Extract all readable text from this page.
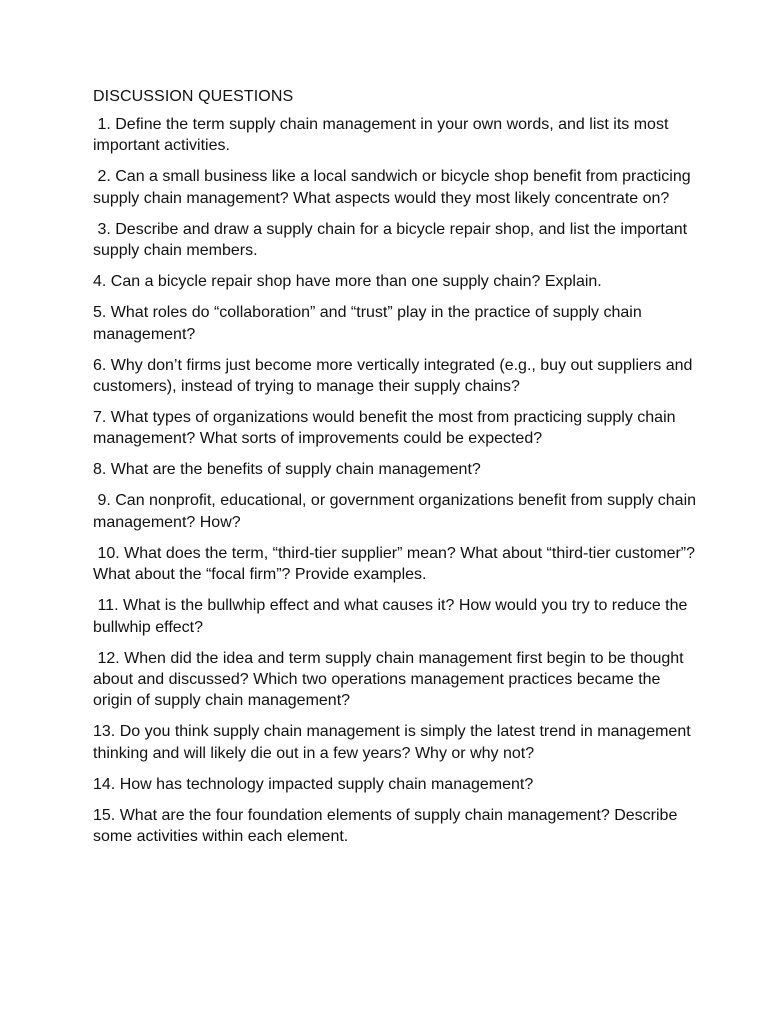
DISCUSSION QUESTIONS

1. Define the term supply chain management in your own words, and list its most important activities.

2. Can a small business like a local sandwich or bicycle shop benefit from practicing supply chain management? What aspects would they most likely concentrate on?

3. Describe and draw a supply chain for a bicycle repair shop, and list the important supply chain members.

4. Can a bicycle repair shop have more than one supply chain? Explain.

5. What roles do “collaboration” and “trust” play in the practice of supply chain management?

6. Why don’t firms just become more vertically integrated (e.g., buy out suppliers and customers), instead of trying to manage their supply chains?

7. What types of organizations would benefit the most from practicing supply chain management? What sorts of improvements could be expected?

8. What are the benefits of supply chain management?

9. Can nonprofit, educational, or government organizations benefit from supply chain management? How?

10. What does the term, “third-tier supplier” mean? What about “third-tier customer”? What about the “focal firm”? Provide examples.

11. What is the bullwhip effect and what causes it? How would you try to reduce the bullwhip effect?

12. When did the idea and term supply chain management first begin to be thought about and discussed? Which two operations management practices became the origin of supply chain management?

13. Do you think supply chain management is simply the latest trend in management thinking and will likely die out in a few years? Why or why not?

14. How has technology impacted supply chain management?

15. What are the four foundation elements of supply chain management? Describe some activities within each element.
